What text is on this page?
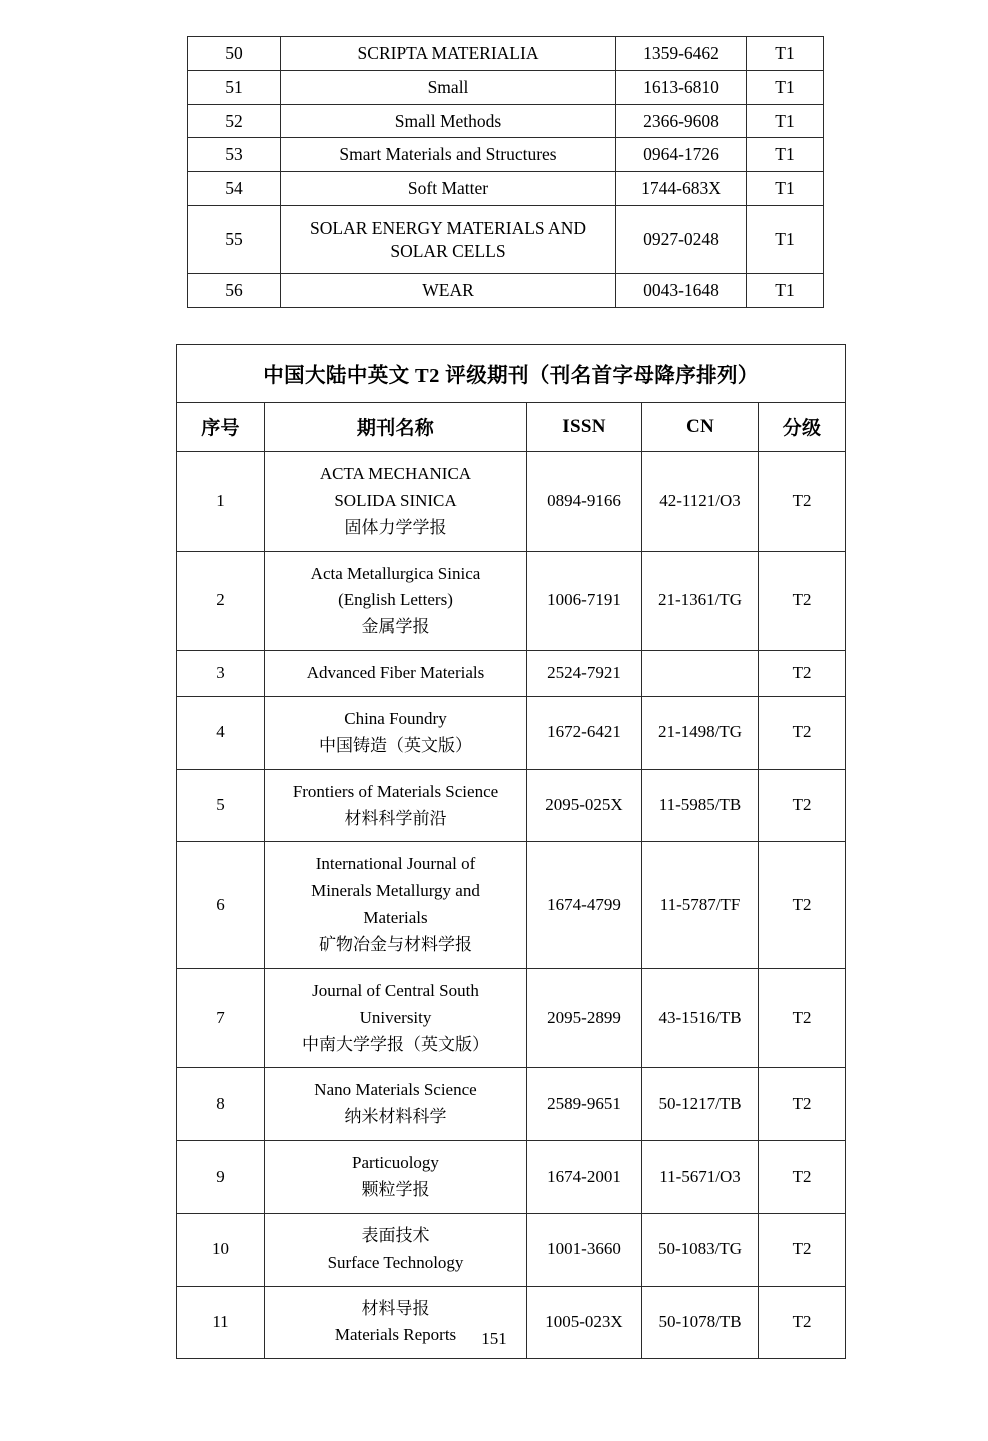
50	SCRIPTA MATERIALIA	1359-6462	T1
51	Small	1613-6810	T1
52	Small Methods	2366-9608	T1
53	Smart Materials and Structures	0964-1726	T1
54	Soft Matter	1744-683X	T1
55	SOLAR ENERGY MATERIALS AND
SOLAR CELLS	0927-0248	T1
56	WEAR	0043-1648	T1
中国大陆中英文 T2 评级期刊（刊名首字母降序排列）				
序号	期刊名称	ISSN	CN	分级
1	ACTA MECHANICA
SOLIDA SINICA
固体力学学报	0894-9166	42-1121/O3	T2
2	Acta Metallurgica Sinica
(English Letters)
金属学报	1006-7191	21-1361/TG	T2
3	Advanced Fiber Materials	2524-7921		T2
4	China Foundry
中国铸造（英文版）	1672-6421	21-1498/TG	T2
5	Frontiers of Materials Science
材料科学前沿	2095-025X	11-5985/TB	T2
6	International Journal of
Minerals Metallurgy and
Materials
矿物冶金与材料学报	1674-4799	11-5787/TF	T2
7	Journal of Central South
University
中南大学学报（英文版）	2095-2899	43-1516/TB	T2
8	Nano Materials Science
纳米材料科学	2589-9651	50-1217/TB	T2
9	Particuology
颗粒学报	1674-2001	11-5671/O3	T2
10	表面技术
Surface Technology	1001-3660	50-1083/TG	T2
11	材料导报
Materials Reports	1005-023X	50-1078/TB	T2
151
